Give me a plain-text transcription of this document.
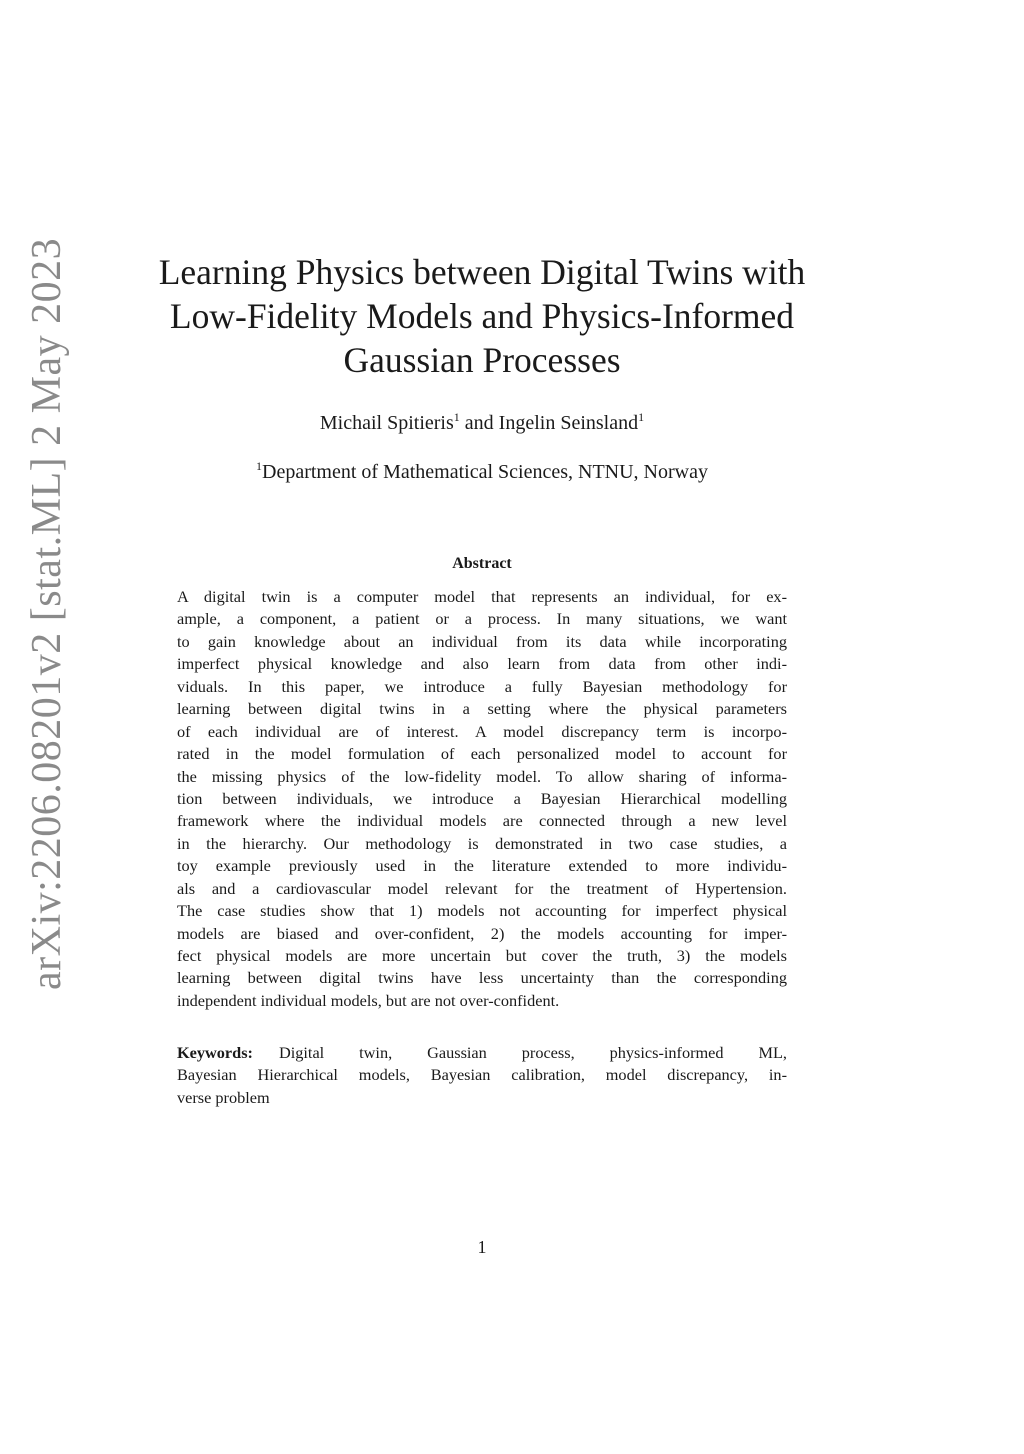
arXiv:2206.08201v2 [stat.ML] 2 May 2023 Learning Physics between Digital Twins with
Low-Fidelity Models and Physics-Informed
Gaussian Processes
Michail Spitieris$^1$ and Ingelin Seinsland$^1$
$^1$Department of Mathematical Sciences, NTNU, Norway
Abstract
A digital twin is a computer model that represents an individual, for ex-
ample, a component, a patient or a process. In many situations, we want
to gain knowledge about an individual from its data while incorporating
imperfect physical knowledge and also learn from data from other indi-
viduals. In this paper, we introduce a fully Bayesian methodology for
learning between digital twins in a setting where the physical parameters
of each individual are of interest. A model discrepancy term is incorpo-
rated in the model formulation of each personalized model to account for
the missing physics of the low-fidelity model. To allow sharing of informa-
tion between individuals, we introduce a Bayesian Hierarchical modelling
framework where the individual models are connected through a new level
in the hierarchy. Our methodology is demonstrated in two case studies, a
toy example previously used in the literature extended to more individu-
als and a cardiovascular model relevant for the treatment of Hypertension.
The case studies show that 1) models not accounting for imperfect physical
models are biased and over-confident, 2) the models accounting for imper-
fect physical models are more uncertain but cover the truth, 3) the models
learning between digital twins have less uncertainty than the corresponding
independent individual models, but are not over-confident.
Keywords: Digital twin, Gaussian process, physics-informed ML,
Bayesian Hierarchical models, Bayesian calibration, model discrepancy, in-
verse problem
1
